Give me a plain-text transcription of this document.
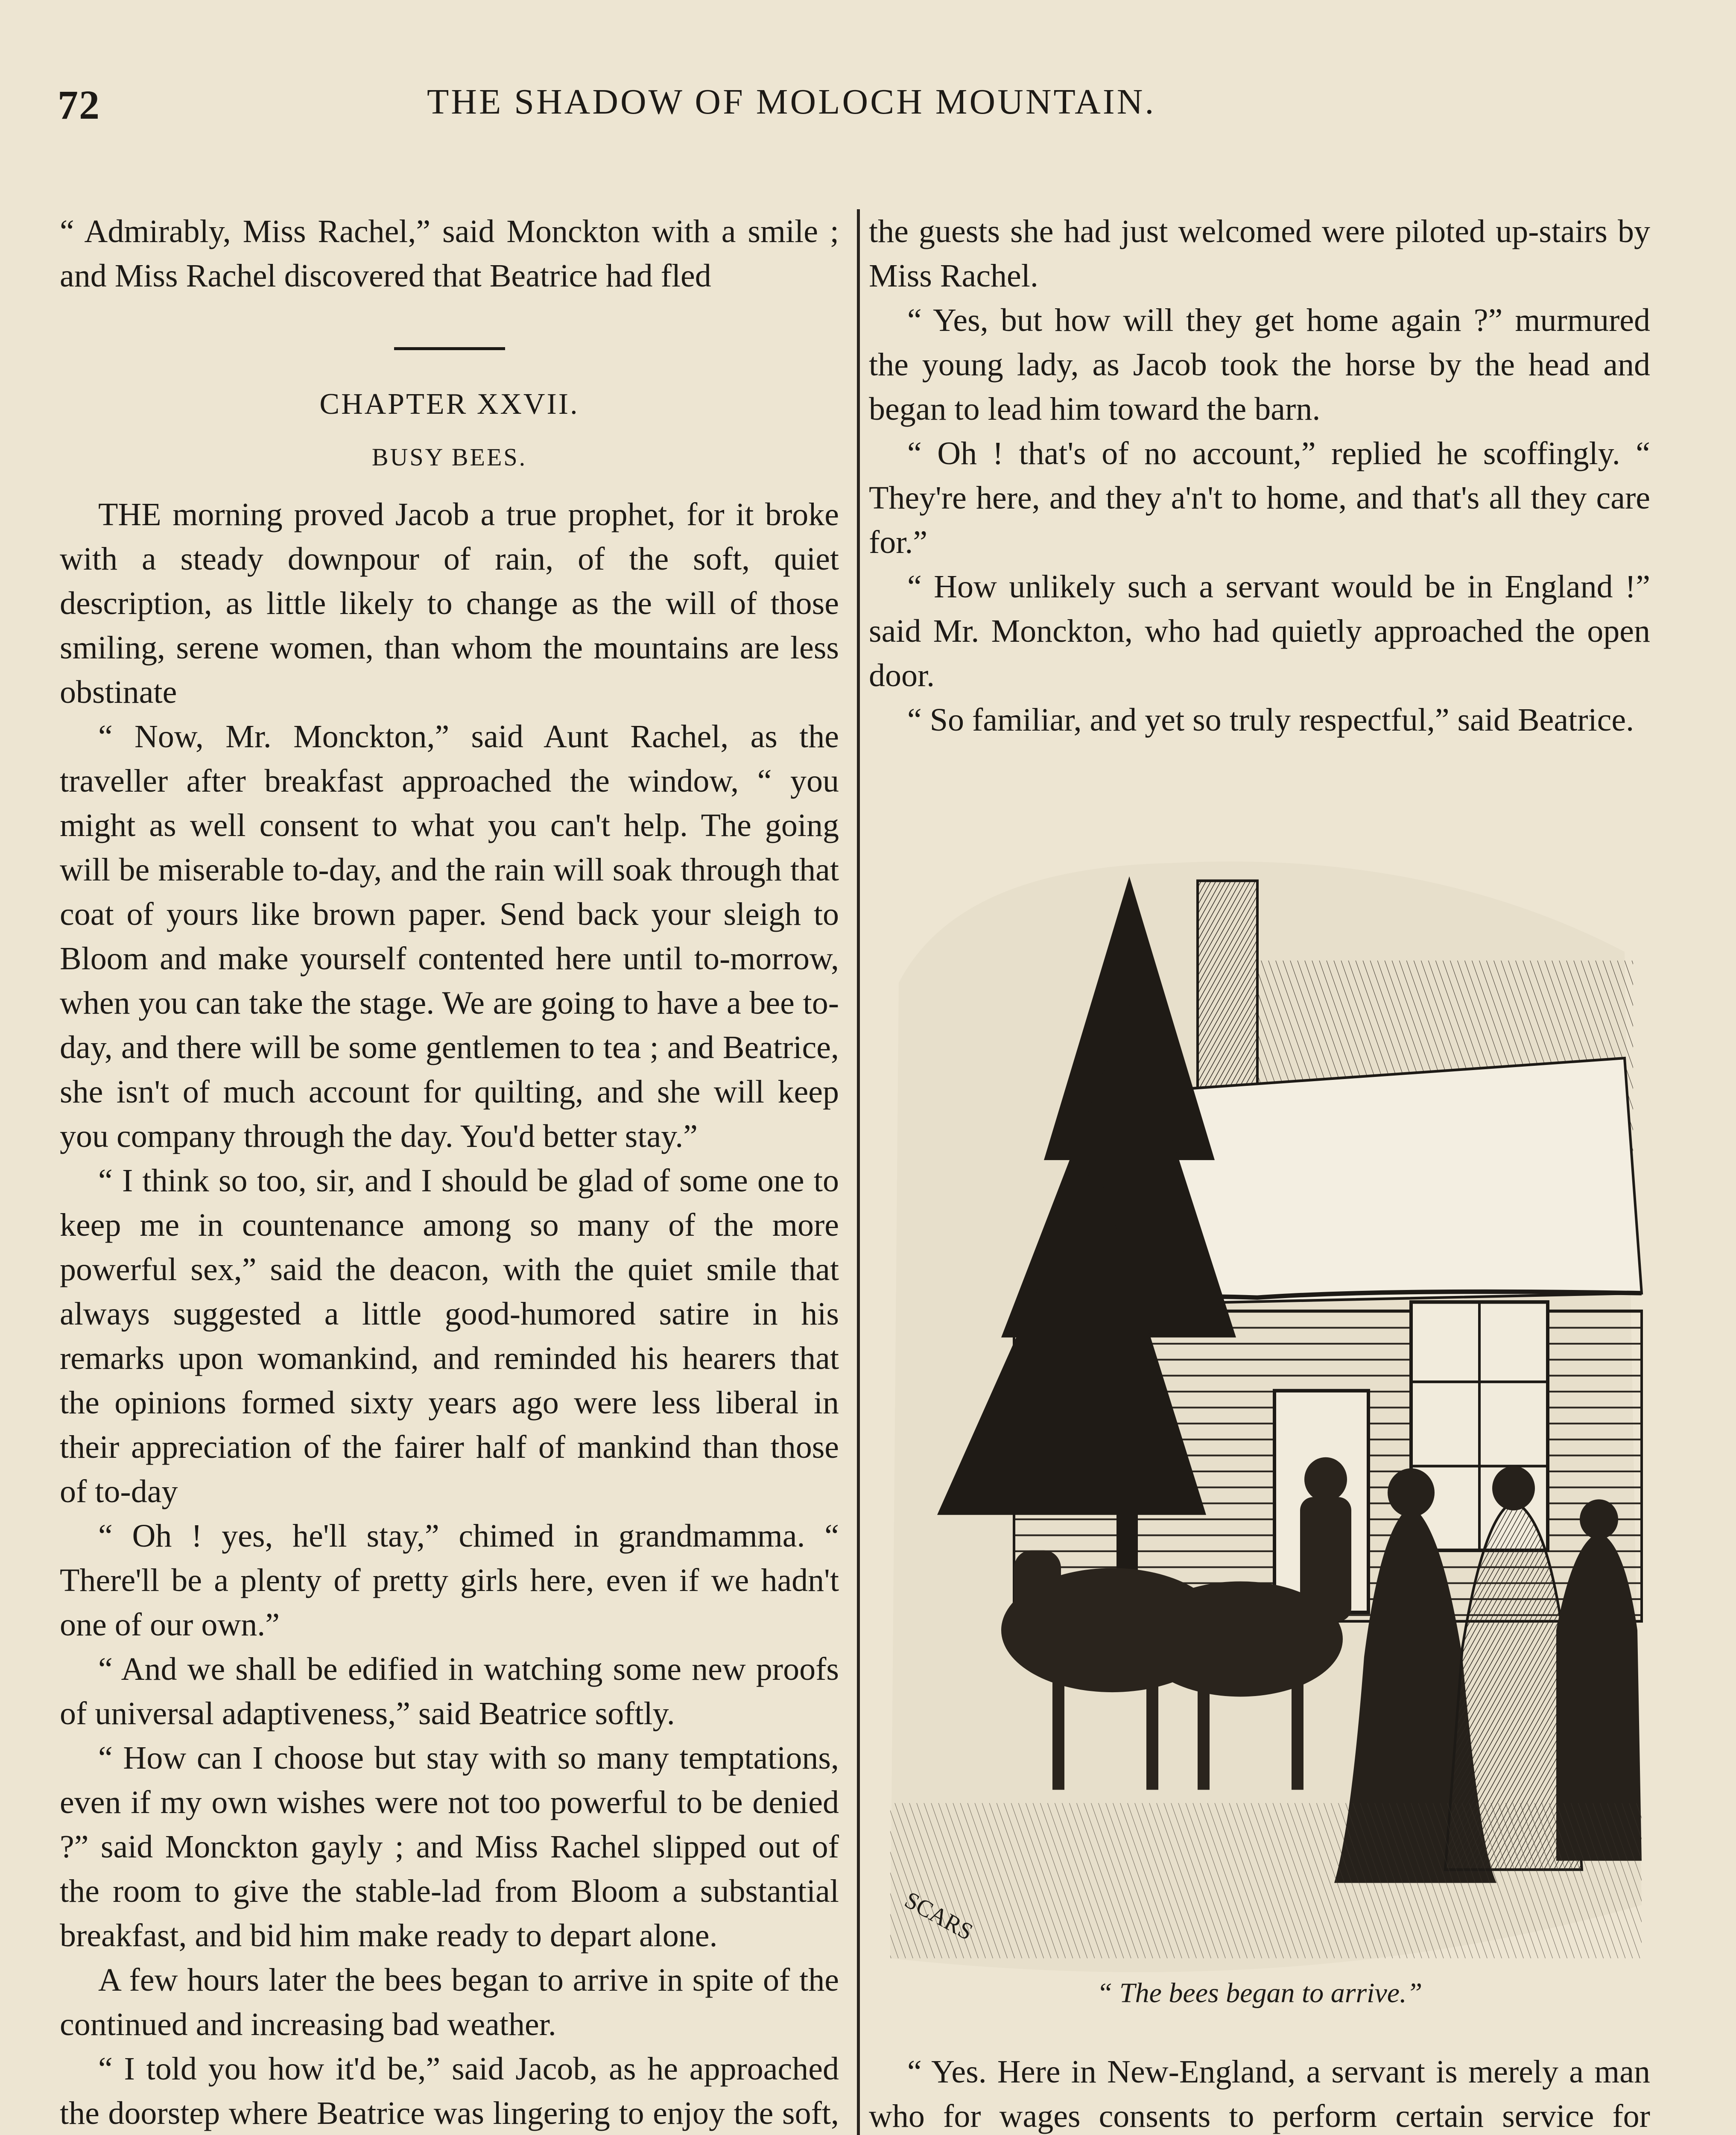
72	THE SHADOW OF MOLOCH MOUNTAIN.

“ Admirably, Miss Rachel,” said Monckton with a smile ; and Miss Rachel discovered that Beatrice had fled

CHAPTER XXVII.
BUSY BEES.

THE morning proved Jacob a true prophet, for it broke with a steady downpour of rain, of the soft, quiet description, as little likely to change as the will of those smiling, serene women, than whom the mountains are less obstinate

“ Now, Mr. Monckton,” said Aunt Rachel, as the traveller after breakfast approached the window, “ you might as well consent to what you can't help. The going will be miserable to-day, and the rain will soak through that coat of yours like brown paper. Send back your sleigh to Bloom and make yourself contented here until to-morrow, when you can take the stage. We are going to have a bee to-day, and there will be some gentlemen to tea ; and Beatrice, she isn't of much account for quilting, and she will keep you company through the day. You'd better stay.”

“ I think so too, sir, and I should be glad of some one to keep me in countenance among so many of the more powerful sex,” said the deacon, with the quiet smile that always suggested a little good-humored satire in his remarks upon womankind, and reminded his hearers that the opinions formed sixty years ago were less liberal in their appreciation of the fairer half of mankind than those of to-day

“ Oh ! yes, he'll stay,” chimed in grandmamma. “ There'll be a plenty of pretty girls here, even if we hadn't one of our own.”

“ And we shall be edified in watching some new proofs of universal adaptiveness,” said Beatrice softly.

“ How can I choose but stay with so many temptations, even if my own wishes were not too powerful to be denied ?” said Monckton gayly ; and Miss Rachel slipped out of the room to give the stable-lad from Bloom a substantial breakfast, and bid him make ready to depart alone.

A few hours later the bees began to arrive in spite of the continued and increasing bad weather.

“ I told you how it'd be,” said Jacob, as he approached the doorstep where Beatrice was lingering to enjoy the soft,

the guests she had just welcomed were piloted up-stairs by Miss Rachel.

“ Yes, but how will they get home again ?” murmured the young lady, as Jacob took the horse by the head and began to lead him toward the barn.

“ Oh ! that's of no account,” replied he scoffingly. “ They're here, and they a'n't to home, and that's all they care for.”

“ How unlikely such a servant would be in England !” said Mr. Monckton, who had quietly approached the open door.

“ So familiar, and yet so truly respectful,” said Beatrice.

SCARS
“ The bees began to arrive.”

“ Yes. Here in New-England, a servant is merely a man who for wages consents to perform certain service for
